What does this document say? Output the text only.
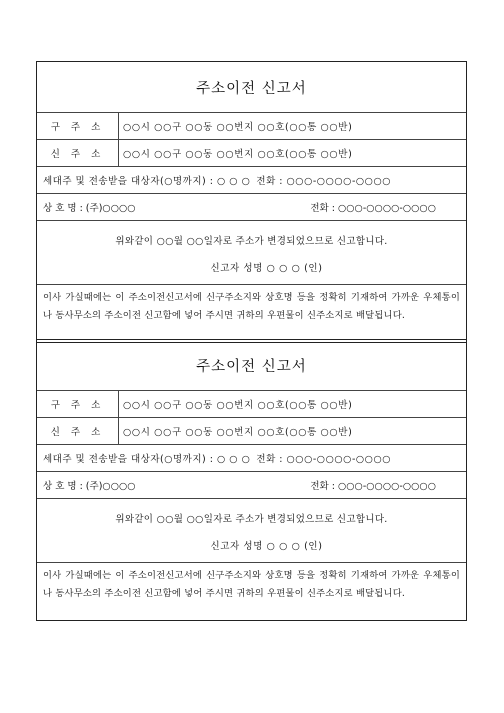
주소이전 신고서
구 주 소	○○시 ○○구 ○○동 ○○번지 ○○호(○○통 ○○반)
신 주 소	○○시 ○○구 ○○동 ○○번지 ○○호(○○통 ○○반)
세대주 및 전송받을 대상자(○명까지) : ○ ○ ○ 전화 : ○○○-○○○○-○○○○
상 호 명 : (주)○○○○	전화 : ○○○-○○○○-○○○○
위와같이 ○○월 ○○일자로 주소가 변경되었으므로 신고합니다.
신고자 성명 ○ ○ ○ (인)

이사 가실때에는 이 주소이전신고서에 신구주소지와 상호명 등을 정확히 기재하여 가까운 우체통이나 동사무소의 주소이전 신고함에 넣어 주시면 귀하의 우편물이 신주소지로 배달됩니다.

주소이전 신고서
구 주 소	○○시 ○○구 ○○동 ○○번지 ○○호(○○통 ○○반)
신 주 소	○○시 ○○구 ○○동 ○○번지 ○○호(○○통 ○○반)
세대주 및 전송받을 대상자(○명까지) : ○ ○ ○ 전화 : ○○○-○○○○-○○○○
상 호 명 : (주)○○○○	전화 : ○○○-○○○○-○○○○
위와같이 ○○월 ○○일자로 주소가 변경되었으므로 신고합니다.
신고자 성명 ○ ○ ○ (인)

이사 가실때에는 이 주소이전신고서에 신구주소지와 상호명 등을 정확히 기재하여 가까운 우체통이나 동사무소의 주소이전 신고함에 넣어 주시면 귀하의 우편물이 신주소지로 배달됩니다.
